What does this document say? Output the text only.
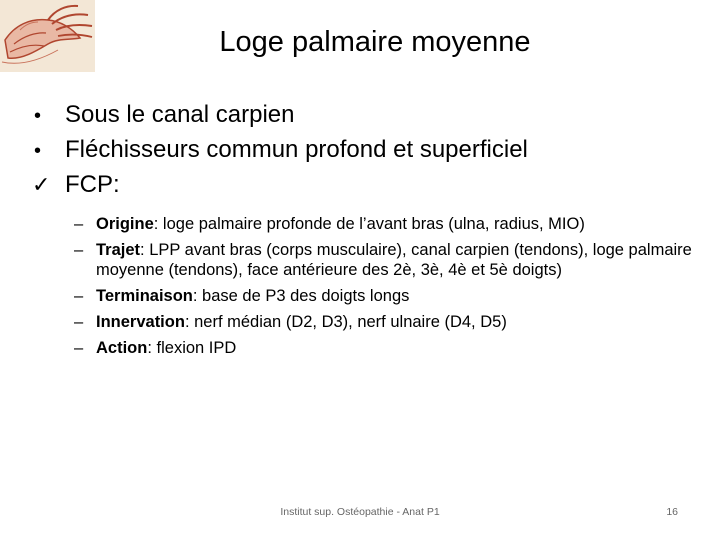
Loge palmaire moyenne
• Sous le canal carpien
• Fléchisseurs commun profond et superficiel
✓ FCP:
– Origine: loge palmaire profonde de l’avant bras (ulna, radius, MIO)
– Trajet: LPP avant bras (corps musculaire), canal carpien (tendons), loge palmaire moyenne (tendons), face antérieure des 2è, 3è, 4è et 5è doigts)
– Terminaison: base de P3 des doigts longs
– Innervation: nerf médian (D2, D3), nerf ulnaire (D4, D5)
– Action: flexion IPD
Institut sup. Ostéopathie - Anat P1	16
